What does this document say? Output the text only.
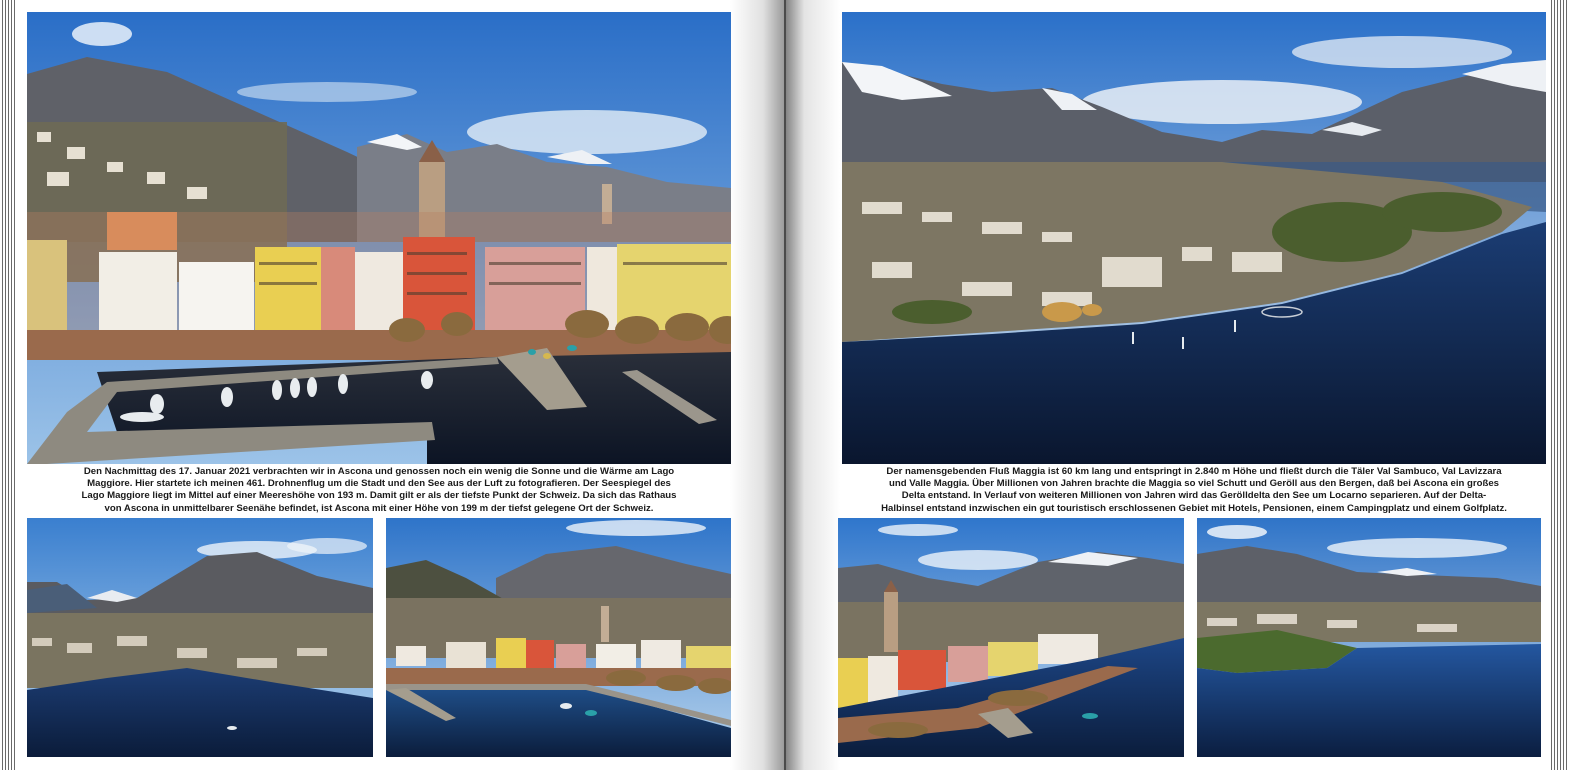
Den Nachmittag des 17. Januar 2021 verbrachten wir in Ascona und genossen noch ein wenig die Sonne und die Wärme am Lago
Maggiore. Hier startete ich meinen 461. Drohnenflug um die Stadt und den See aus der Luft zu fotografieren. Der Seespiegel des
Lago Maggiore liegt im Mittel auf einer Meereshöhe von 193 m. Damit gilt er als der tiefste Punkt der Schweiz. Da sich das Rathaus
von Ascona in unmittelbarer Seenähe befindet, ist Ascona mit einer Höhe von 199 m der tiefst gelegene Ort der Schweiz.
Der namensgebenden Fluß Maggia ist 60 km lang und entspringt in 2.840 m Höhe und fließt durch die Täler Val Sambuco, Val Lavizzara
und Valle Maggia. Über Millionen von Jahren brachte die Maggia so viel Schutt und Geröll aus den Bergen, daß bei Ascona ein großes
Delta entstand. In Verlauf von weiteren Millionen von Jahren wird das Gerölldelta den See um Locarno separieren. Auf der Delta-
Halbinsel entstand inzwischen ein gut touristisch erschlossenen Gebiet mit Hotels, Pensionen, einem Campingplatz und einem Golfplatz.
